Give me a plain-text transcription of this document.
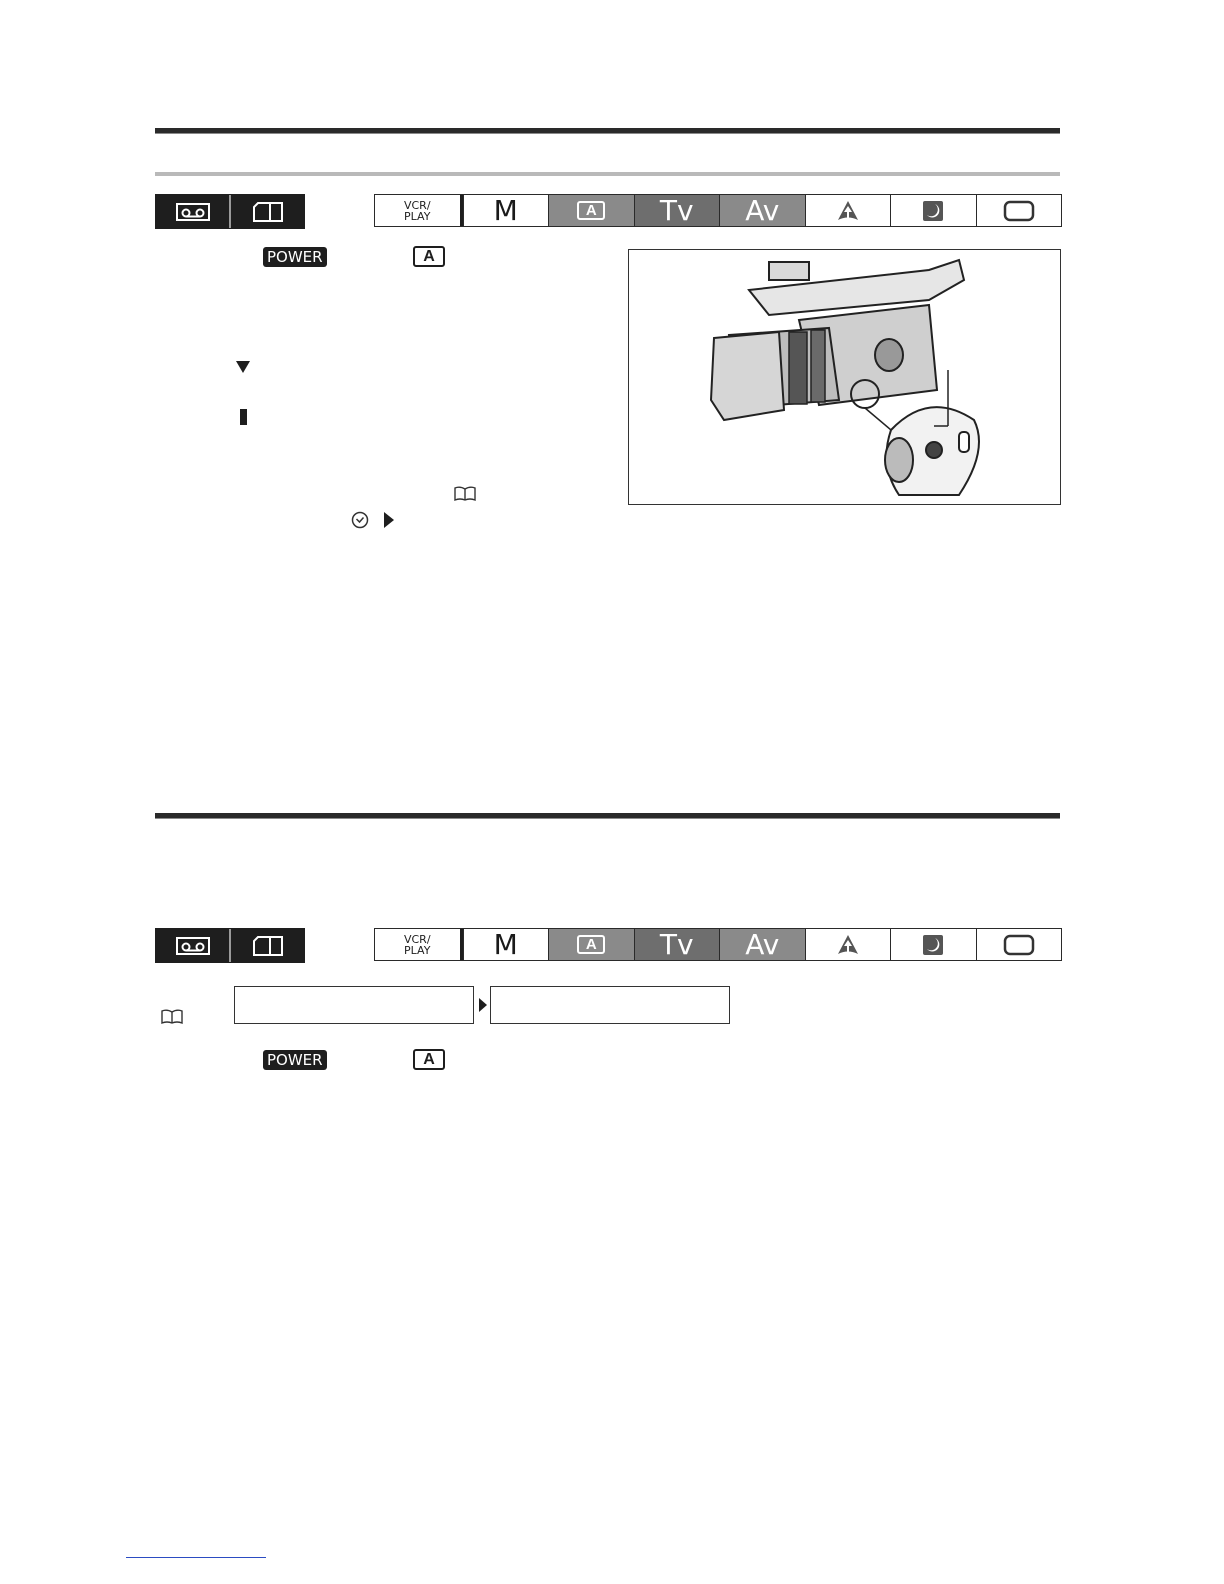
VCR/
PLAY	M	A	Tv	Av
POWER	A
VCR/
PLAY	M	A	Tv	Av
POWER	A
